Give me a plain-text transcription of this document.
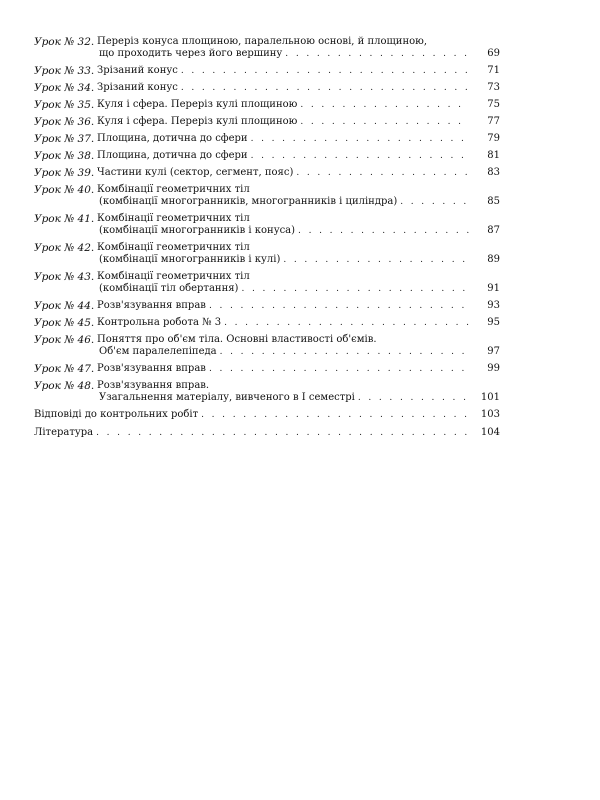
Урок № 32. Переріз конуса площиною, паралельною основі, й площиною,
що проходить через його вершину . . .	69
Урок № 33. Зрізаний конус . . .	71
Урок № 34. Зрізаний конус . . .	73
Урок № 35. Куля і сфера. Переріз кулі площиною . . .	75
Урок № 36. Куля і сфера. Переріз кулі площиною . . .	77
Урок № 37. Площина, дотична до сфери . . .	79
Урок № 38. Площина, дотична до сфери . . .	81
Урок № 39. Частини кулі (сектор, сегмент, пояс) . . .	83
Урок № 40. Комбінації геометричних тіл
(комбінації многогранників, многогранників і циліндра) . . .	85
Урок № 41. Комбінації геометричних тіл
(комбінації многогранників і конуса) . . .	87
Урок № 42. Комбінації геометричних тіл
(комбінації многогранників і кулі) . . .	89
Урок № 43. Комбінації геометричних тіл
(комбінації тіл обертання) . . .	91
Урок № 44. Розв'язування вправ . . .	93
Урок № 45. Контрольна робота № 3 . . .	95
Урок № 46. Поняття про об'єм тіла. Основні властивості об'ємів.
Об'єм паралелепіпеда . . .	97
Урок № 47. Розв'язування вправ . . .	99
Урок № 48. Розв'язування вправ.
Узагальнення матеріалу, вивченого в I семестрі . . .	101
Відповіді до контрольних робіт . . .	103
Література . . .	104
